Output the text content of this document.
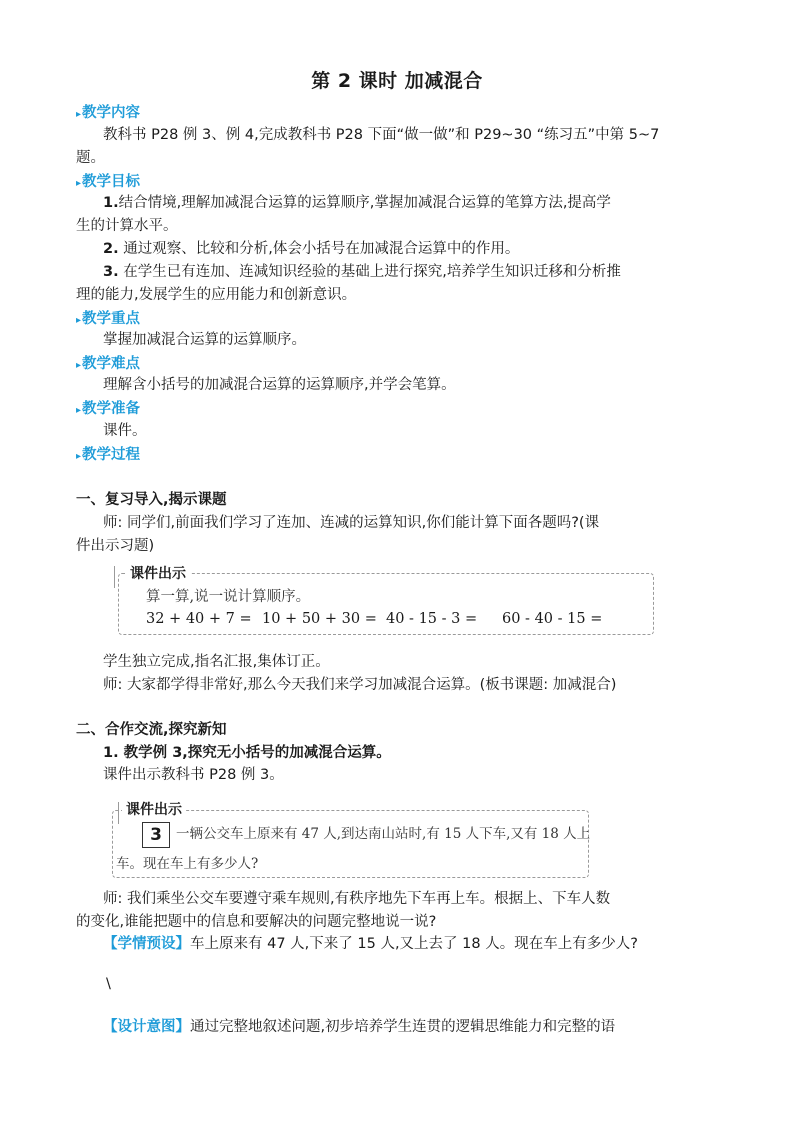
第 2 课时 加减混合
▸教学内容
教科书 P28 例 3、例 4,完成教科书 P28 下面“做一做”和 P29~30 “练习五”中第 5~7
题。
▸教学目标
1.结合情境,理解加减混合运算的运算顺序,掌握加减混合运算的笔算方法,提高学
生的计算水平。
2. 通过观察、比较和分析,体会小括号在加减混合运算中的作用。
3. 在学生已有连加、连减知识经验的基础上进行探究,培养学生知识迁移和分析推
理的能力,发展学生的应用能力和创新意识。
▸教学重点
掌握加减混合运算的运算顺序。
▸教学难点
理解含小括号的加减混合运算的运算顺序,并学会笔算。
▸教学准备
课件。
▸教学过程
一、复习导入,揭示课题
师: 同学们,前面我们学习了连加、连减的运算知识,你们能计算下面各题吗?(课
件出示习题)
课件出示
算一算,说一说计算顺序。
32 + 40 + 7 = 10 + 50 + 30 = 40 - 15 - 3 = 60 - 40 - 15 =
学生独立完成,指名汇报,集体订正。
师: 大家都学得非常好,那么今天我们来学习加减混合运算。(板书课题: 加减混合)
二、合作交流,探究新知
1. 教学例 3,探究无小括号的加减混合运算。
课件出示教科书 P28 例 3。
课件出示
3	一辆公交车上原来有 47 人,到达南山站时,有 15 人下车,又有 18 人上
车。现在车上有多少人?
师: 我们乘坐公交车要遵守乘车规则,有秩序地先下车再上车。根据上、下车人数
的变化,谁能把题中的信息和要解决的问题完整地说一说?
【学情预设】车上原来有 47 人,下来了 15 人,又上去了 18 人。现在车上有多少人?
\
【设计意图】通过完整地叙述问题,初步培养学生连贯的逻辑思维能力和完整的语
